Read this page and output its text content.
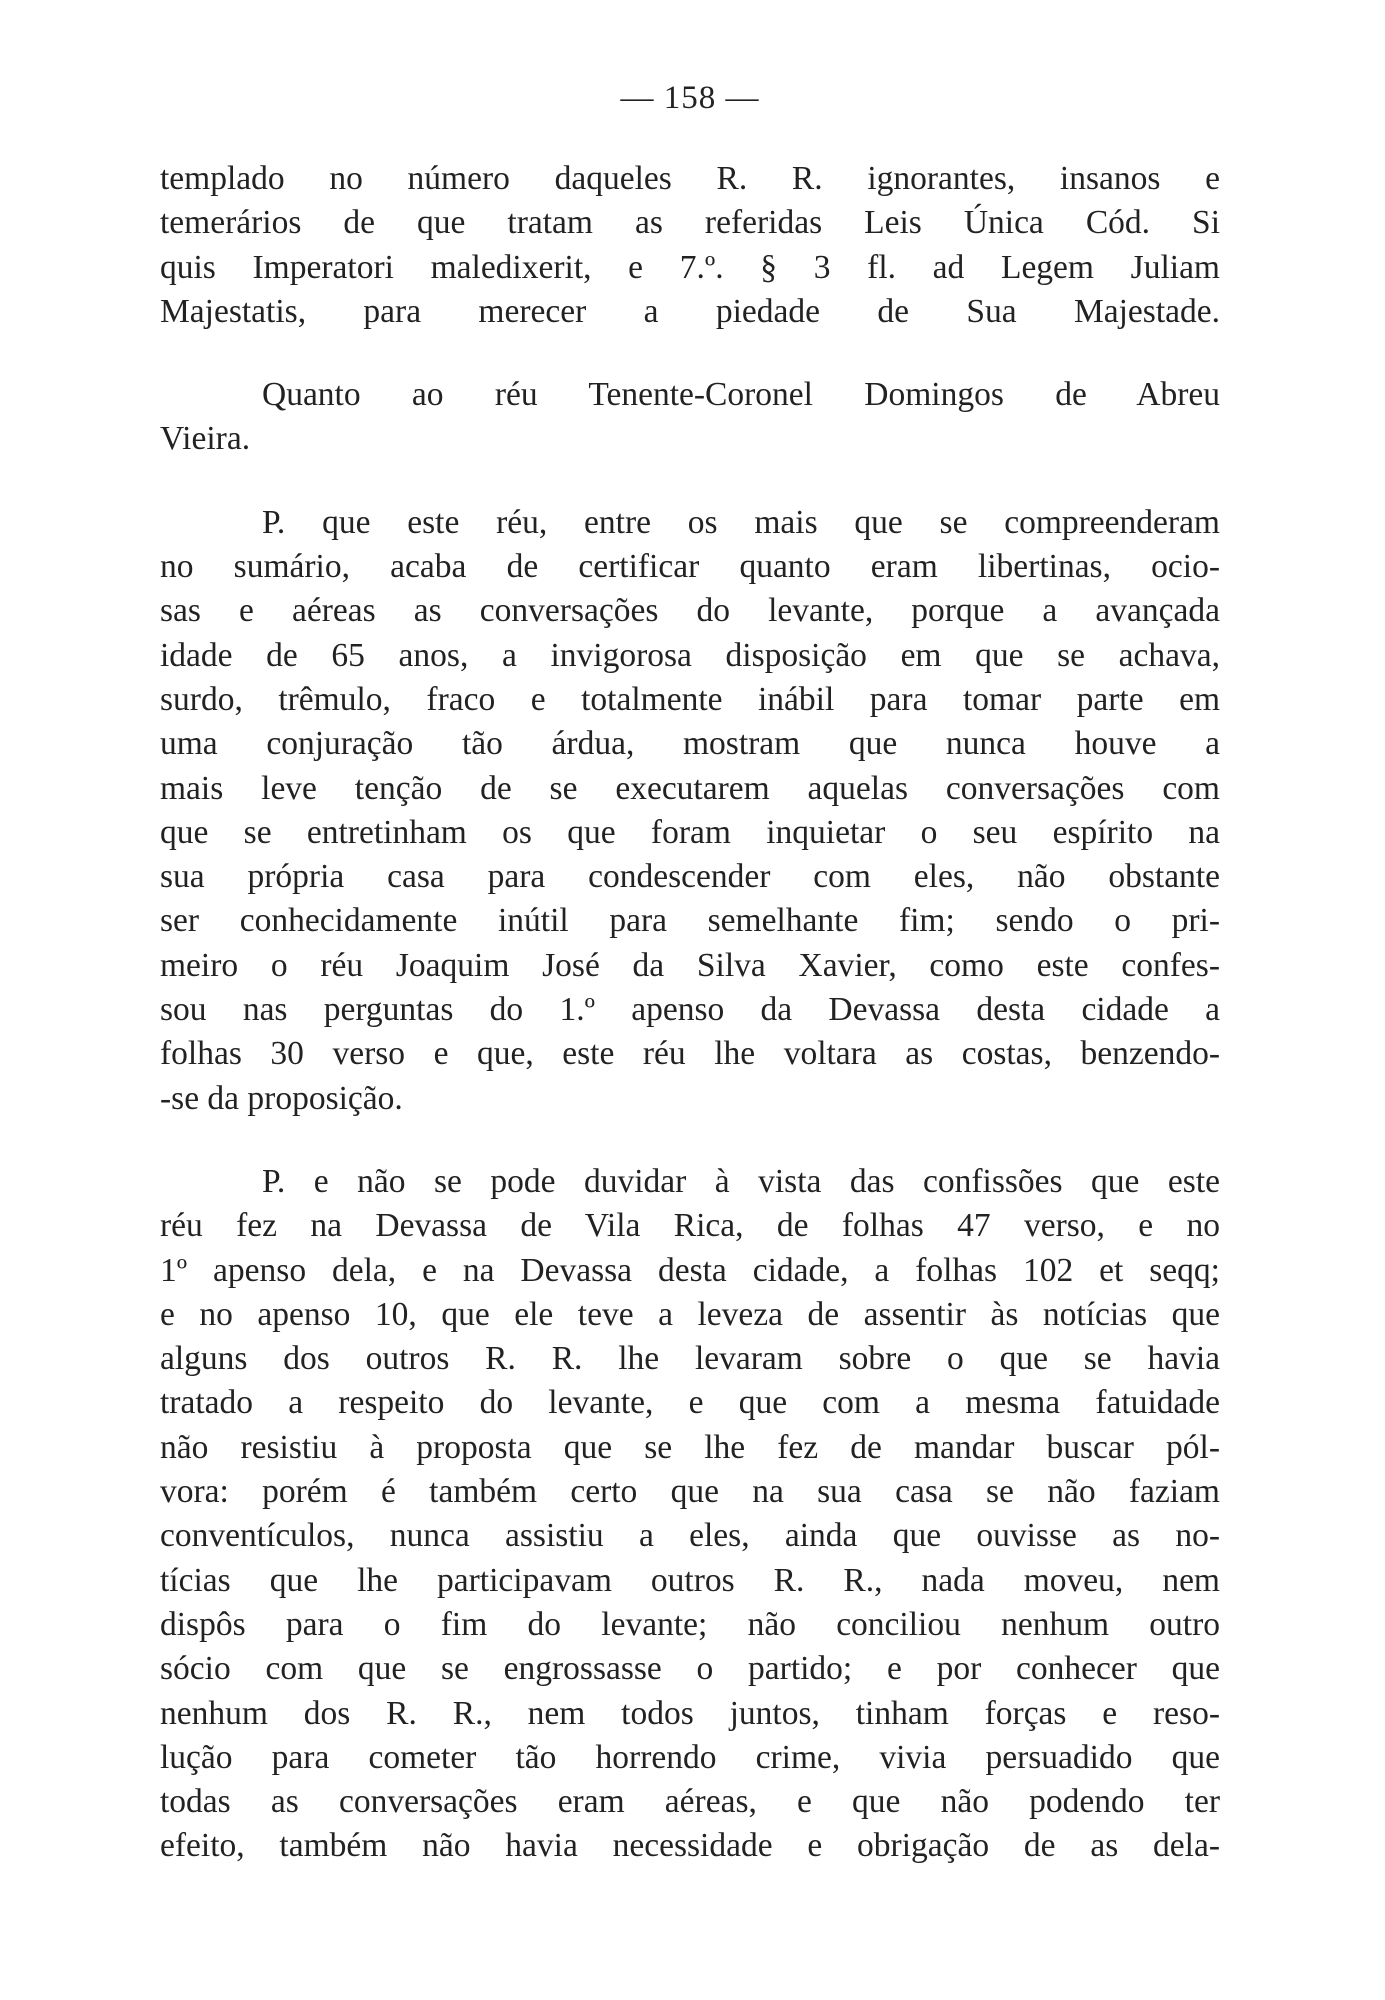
— 158 —
templado no número daqueles R. R. ignorantes, insanos e
temerários de que tratam as referidas Leis Única Cód. Si
quis Imperatori maledixerit, e 7.º. § 3 fl. ad Legem Juliam
Majestatis, para merecer a piedade de Sua Majestade.
Quanto ao réu Tenente-Coronel Domingos de Abreu
Vieira.
P. que este réu, entre os mais que se compreenderam
no sumário, acaba de certificar quanto eram libertinas, ocio-
sas e aéreas as conversações do levante, porque a avançada
idade de 65 anos, a invigorosa disposição em que se achava,
surdo, trêmulo, fraco e totalmente inábil para tomar parte em
uma conjuração tão árdua, mostram que nunca houve a
mais leve tenção de se executarem aquelas conversações com
que se entretinham os que foram inquietar o seu espírito na
sua própria casa para condescender com eles, não obstante
ser conhecidamente inútil para semelhante fim; sendo o pri-
meiro o réu Joaquim José da Silva Xavier, como este confes-
sou nas perguntas do 1.º apenso da Devassa desta cidade a
folhas 30 verso e que, este réu lhe voltara as costas, benzendo-
-se da proposição.
P. e não se pode duvidar à vista das confissões que este
réu fez na Devassa de Vila Rica, de folhas 47 verso, e no
1º apenso dela, e na Devassa desta cidade, a folhas 102 et seqq;
e no apenso 10, que ele teve a leveza de assentir às notícias que
alguns dos outros R. R. lhe levaram sobre o que se havia
tratado a respeito do levante, e que com a mesma fatuidade
não resistiu à proposta que se lhe fez de mandar buscar pól-
vora: porém é também certo que na sua casa se não faziam
conventículos, nunca assistiu a eles, ainda que ouvisse as no-
tícias que lhe participavam outros R. R., nada moveu, nem
dispôs para o fim do levante; não conciliou nenhum outro
sócio com que se engrossasse o partido; e por conhecer que
nenhum dos R. R., nem todos juntos, tinham forças e reso-
lução para cometer tão horrendo crime, vivia persuadido que
todas as conversações eram aéreas, e que não podendo ter
efeito, também não havia necessidade e obrigação de as dela-
